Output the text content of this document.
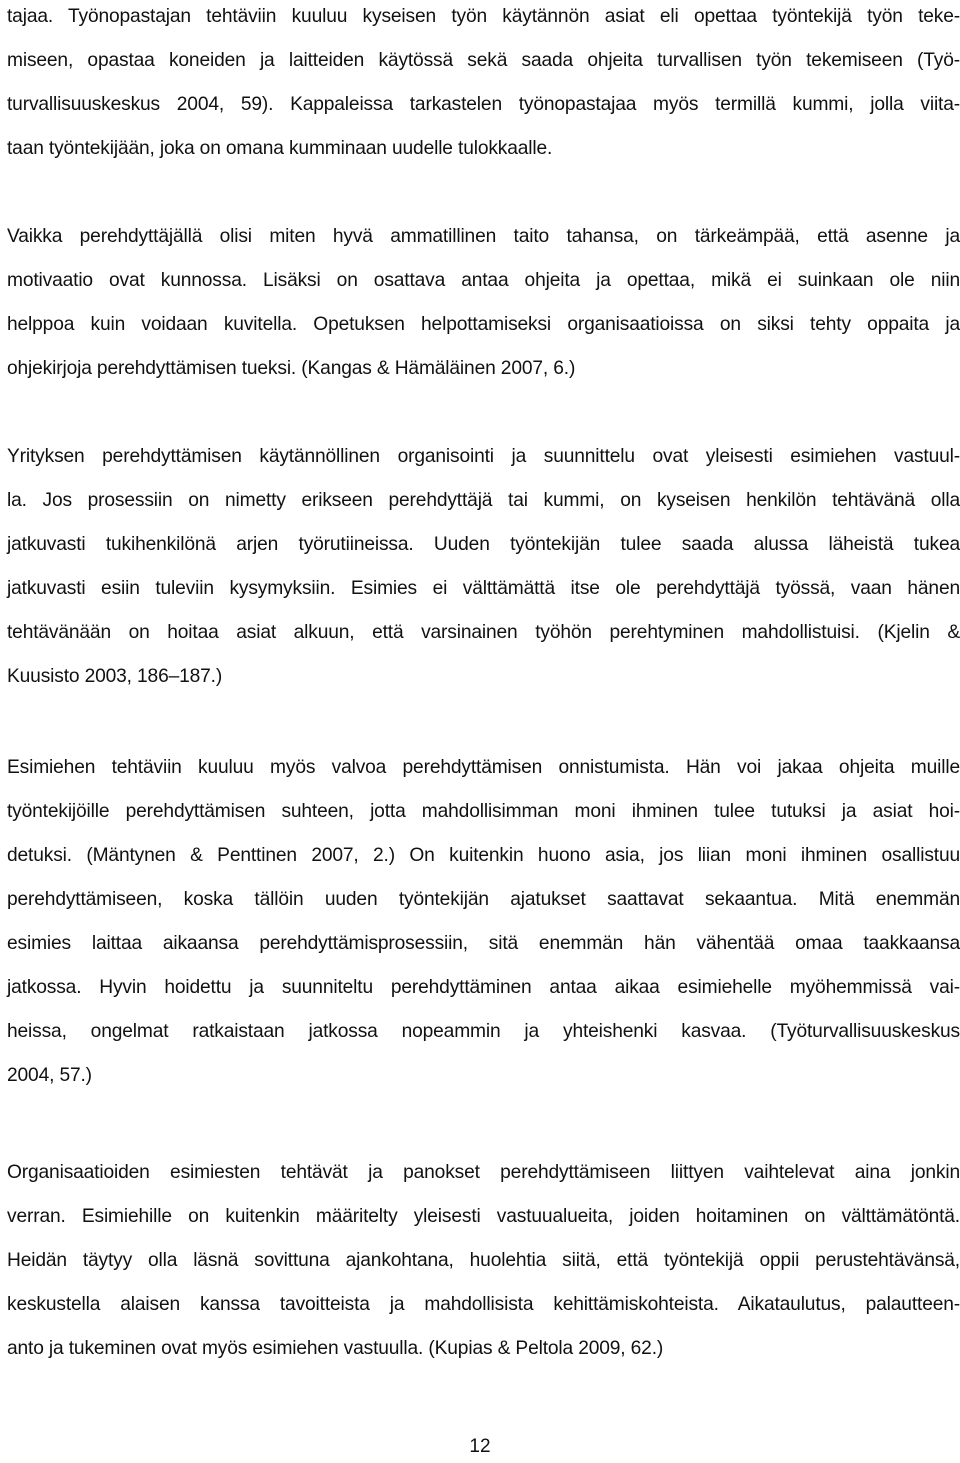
tajaa. Työnopastajan tehtäviin kuuluu kyseisen työn käytännön asiat eli opettaa työntekijä työn teke-
miseen, opastaa koneiden ja laitteiden käytössä sekä saada ohjeita turvallisen työn tekemiseen (Työ-
turvallisuuskeskus 2004, 59). Kappaleissa tarkastelen työnopastajaa myös termillä kummi, jolla viita-
taan työntekijään, joka on omana kumminaan uudelle tulokkaalle.

Vaikka perehdyttäjällä olisi miten hyvä ammatillinen taito tahansa, on tärkeämpää, että asenne ja
motivaatio ovat kunnossa. Lisäksi on osattava antaa ohjeita ja opettaa, mikä ei suinkaan ole niin
helppoa kuin voidaan kuvitella. Opetuksen helpottamiseksi organisaatioissa on siksi tehty oppaita ja
ohjekirjoja perehdyttämisen tueksi. (Kangas & Hämäläinen 2007, 6.)

Yrityksen perehdyttämisen käytännöllinen organisointi ja suunnittelu ovat yleisesti esimiehen vastuul-
la. Jos prosessiin on nimetty erikseen perehdyttäjä tai kummi, on kyseisen henkilön tehtävänä olla
jatkuvasti tukihenkilönä arjen työrutiineissa. Uuden työntekijän tulee saada alussa läheistä tukea
jatkuvasti esiin tuleviin kysymyksiin. Esimies ei välttämättä itse ole perehdyttäjä työssä, vaan hänen
tehtävänään on hoitaa asiat alkuun, että varsinainen työhön perehtyminen mahdollistuisi. (Kjelin &
Kuusisto 2003, 186–187.)

Esimiehen tehtäviin kuuluu myös valvoa perehdyttämisen onnistumista. Hän voi jakaa ohjeita muille
työntekijöille perehdyttämisen suhteen, jotta mahdollisimman moni ihminen tulee tutuksi ja asiat hoi-
detuksi. (Mäntynen & Penttinen 2007, 2.) On kuitenkin huono asia, jos liian moni ihminen osallistuu
perehdyttämiseen, koska tällöin uuden työntekijän ajatukset saattavat sekaantua. Mitä enemmän
esimies laittaa aikaansa perehdyttämisprosessiin, sitä enemmän hän vähentää omaa taakkaansa
jatkossa. Hyvin hoidettu ja suunniteltu perehdyttäminen antaa aikaa esimiehelle myöhemmissä vai-
heissa, ongelmat ratkaistaan jatkossa nopeammin ja yhteishenki kasvaa. (Työturvallisuuskeskus
2004, 57.)

Organisaatioiden esimiesten tehtävät ja panokset perehdyttämiseen liittyen vaihtelevat aina jonkin
verran. Esimiehille on kuitenkin määritelty yleisesti vastuualueita, joiden hoitaminen on välttämätöntä.
Heidän täytyy olla läsnä sovittuna ajankohtana, huolehtia siitä, että työntekijä oppii perustehtävänsä,
keskustella alaisen kanssa tavoitteista ja mahdollisista kehittämiskohteista. Aikataulutus, palautteen-
anto ja tukeminen ovat myös esimiehen vastuulla. (Kupias & Peltola 2009, 62.)

12
